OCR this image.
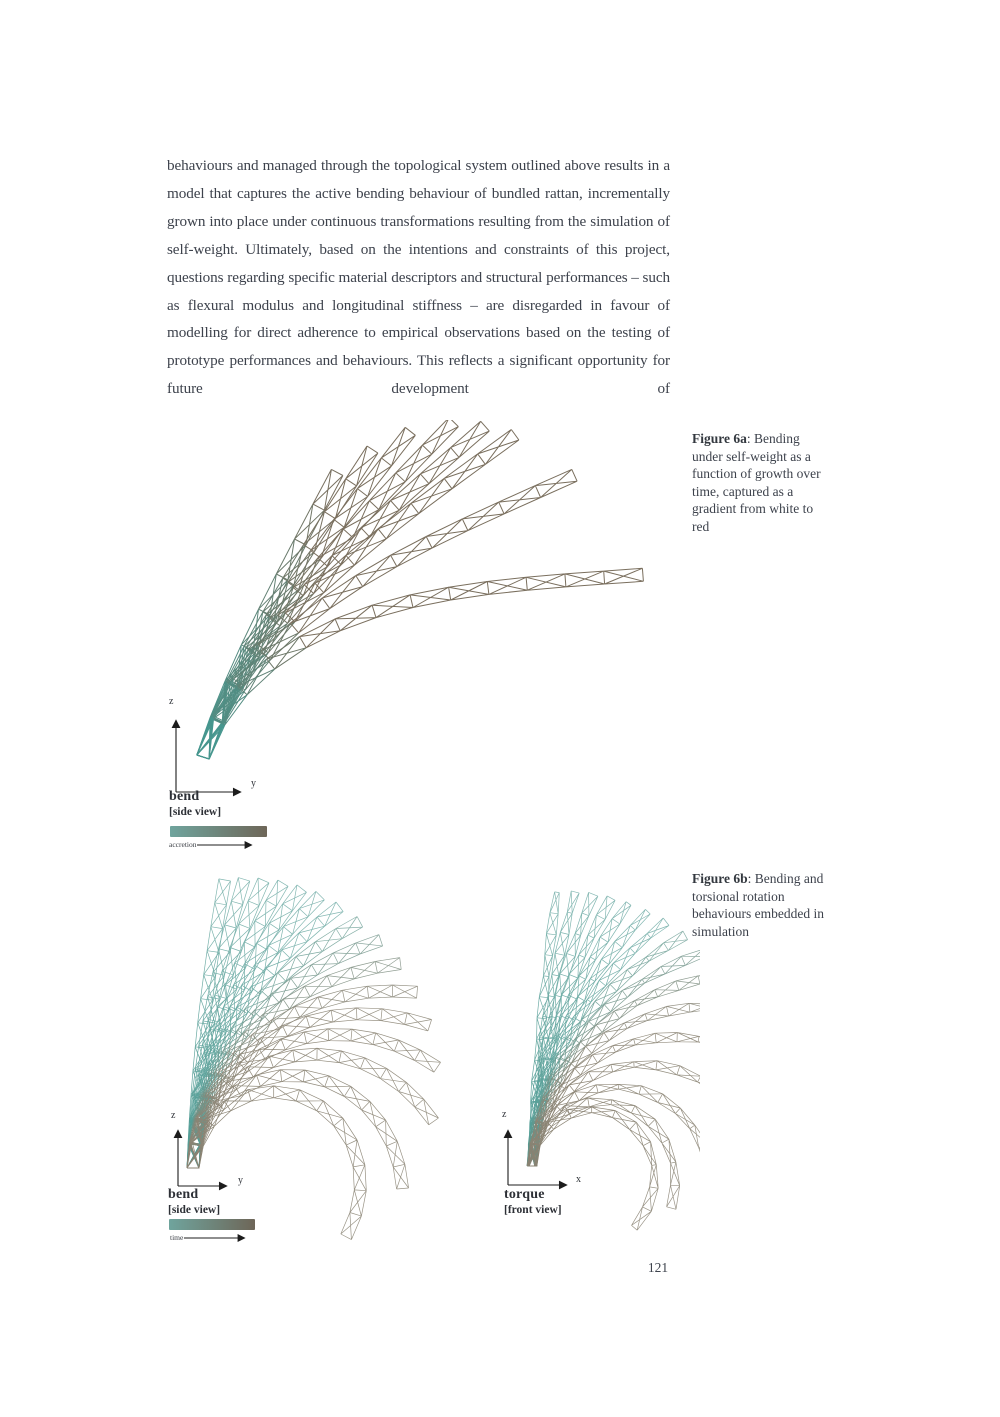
behaviours and managed through the topological system outlined above results in a model that captures the active bending behaviour of bundled rattan, incrementally grown into place under continuous transformations resulting from the simulation of self-weight. Ultimately, based on the intentions and constraints of this project, questions regarding specific material descriptors and structural performances – such as flexural modulus and longitudinal stiffness – are disregarded in favour of modelling for direct adherence to empirical observations based on the testing of prototype performances and behaviours. This reflects a significant opportunity for future development of

z
y
bend
[side view]
accretion
Figure 6a: Bending under self-weight as a function of growth over time, captured as a gradient from white to red
z
y
bend
[side view]
time
z
x
torque
[front view]
Figure 6b: Bending and torsional rotation behaviours embedded in simulation
121
